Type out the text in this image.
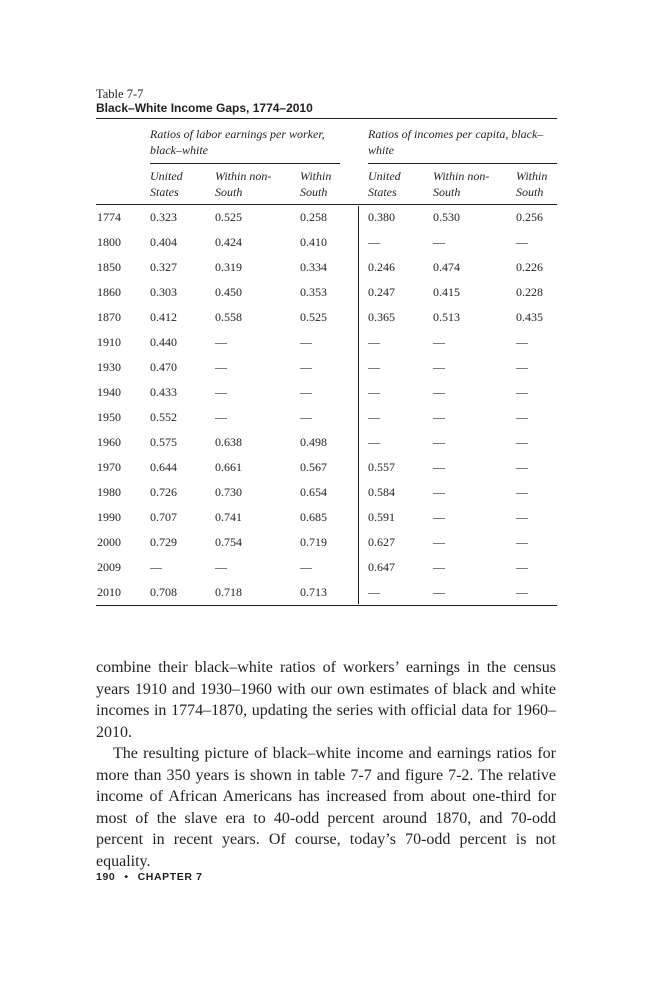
Table 7-7
Black–White Income Gaps, 1774–2010
Ratios of labor earnings per worker, black–white
Ratios of incomes per capita, black–white
United States
Within non-South
Within South
United States
Within non-South
Within South
1774 0.323	0.525	0.258	0.380	0.530	0.256
1800 0.404	0.424	0.410	—	—	—
1850 0.327	0.319	0.334	0.246	0.474	0.226
1860 0.303	0.450	0.353	0.247	0.415	0.228
1870 0.412	0.558	0.525	0.365	0.513	0.435
1910 0.440	—	—	—	—	—
1930 0.470	—	—	—	—	—
1940 0.433	—	—	—	—	—
1950 0.552	—	—	—	—	—
1960 0.575	0.638	0.498	—	—	—
1970 0.644	0.661	0.567	0.557	—	—
1980 0.726	0.730	0.654	0.584	—	—
1990 0.707	0.741	0.685	0.591	—	—
2000 0.729	0.754	0.719	0.627	—	—
2009 —	—	—	0.647	—	—
2010 0.708	0.718	0.713	—	—	—

combine their black–white ratios of workers’ earnings in the census years 1910 and 1930–1960 with our own estimates of black and white incomes in 1774–1870, updating the series with official data for 1960–2010.

The resulting picture of black–white income and earnings ratios for more than 350 years is shown in table 7-7 and figure 7-2. The relative income of African Americans has increased from about one-third for most of the slave era to 40-odd percent around 1870, and 70-odd percent in recent years. Of course, today’s 70-odd percent is not equality.

190 • CHAPTER 7
